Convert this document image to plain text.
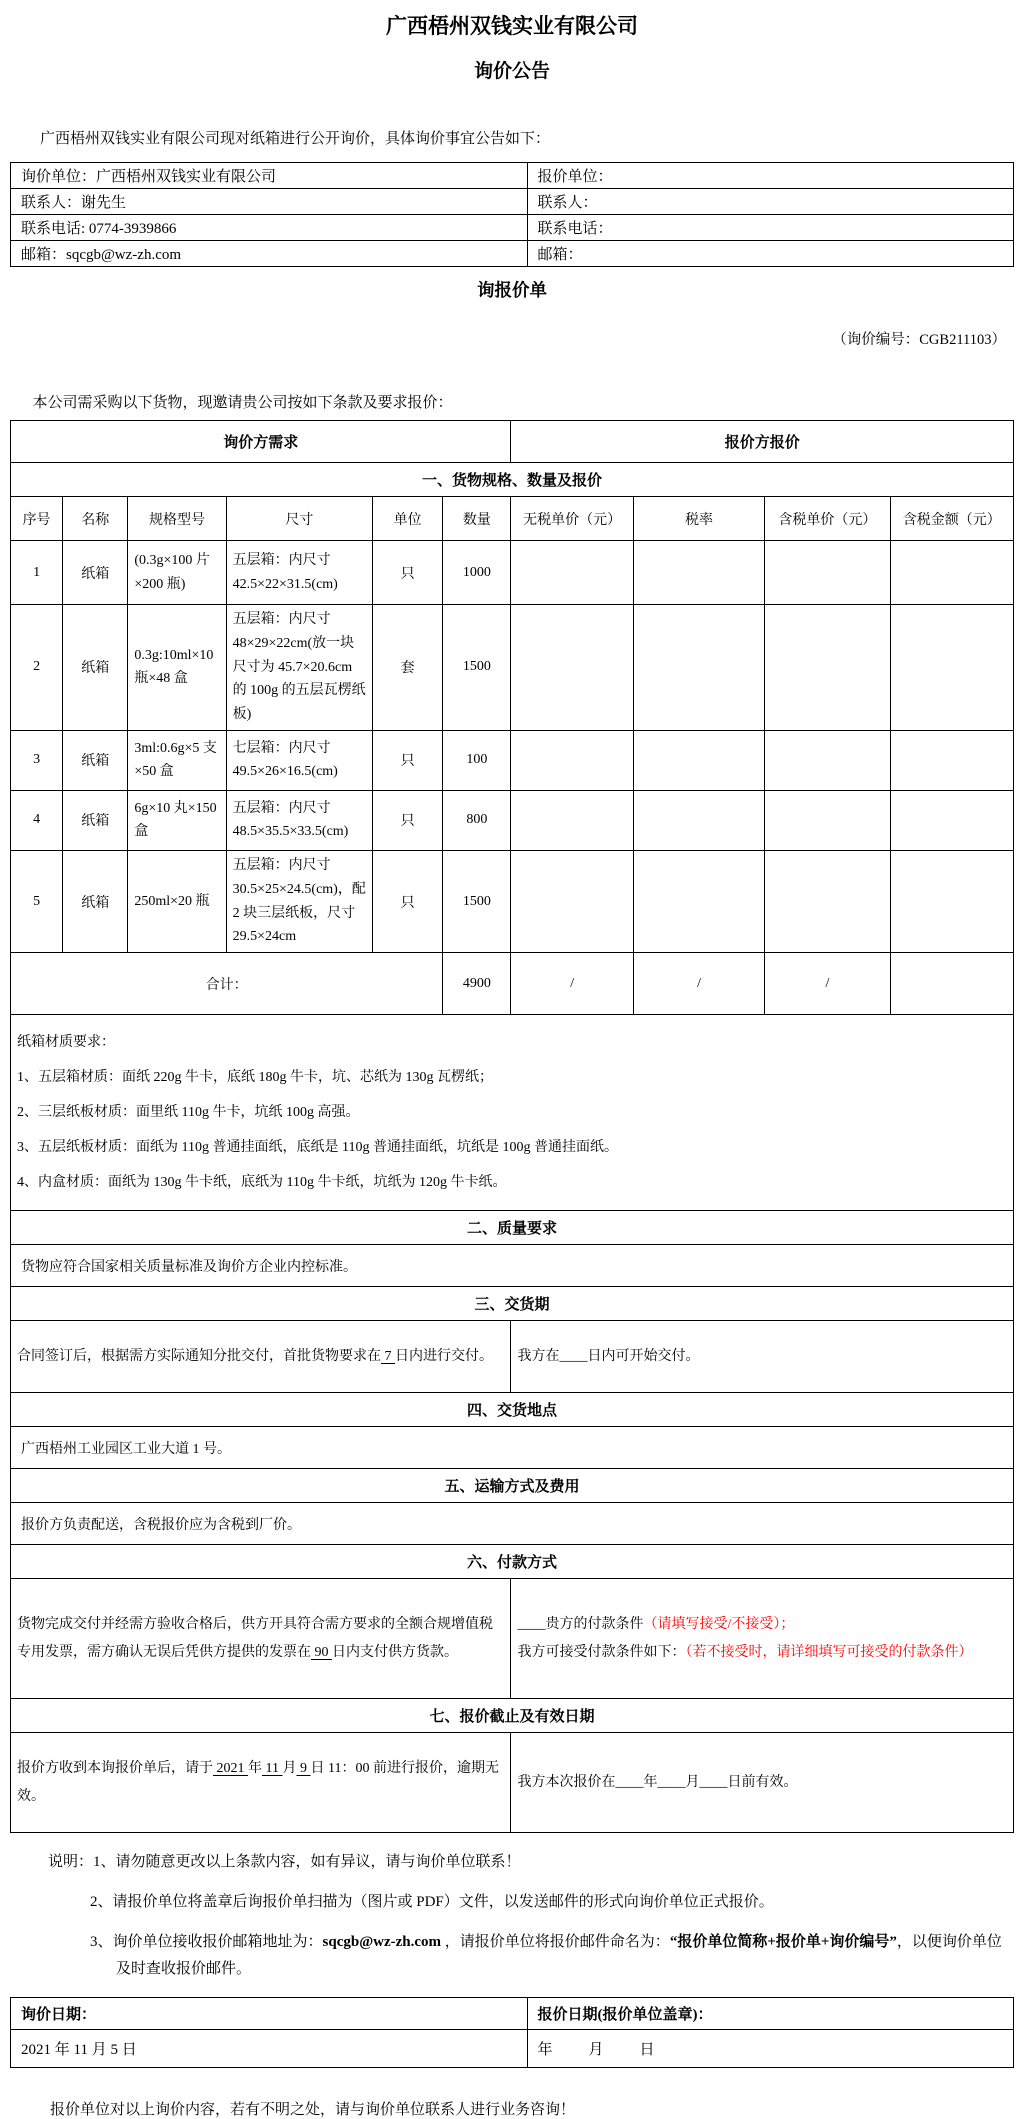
广西梧州双钱实业有限公司
询价公告

广西梧州双钱实业有限公司现对纸箱进行公开询价，具体询价事宜公告如下：

询价单位：广西梧州双钱实业有限公司	报价单位：
联系人：谢先生	联系人：
联系电话: 0774-3939866	联系电话：
邮箱：sqcgb@wz-zh.com	邮箱：
询报价单

（询价编号：CGB211103）

本公司需采购以下货物，现邀请贵公司按如下条款及要求报价：

询价方需求						报价方报价			
一、货物规格、数量及报价									
序号	名称	规格型号	尺寸	单位	数量	无税单价（元）	税率	含税单价（元）	含税金额（元）
1	纸箱	(0.3g×100 片×200 瓶)	五层箱：内尺寸 42.5×22×31.5(cm)	只	1000				
2	纸箱	0.3g:10ml×10 瓶×48 盒	五层箱：内尺寸 48×29×22cm(放一块尺寸为 45.7×20.6cm 的 100g 的五层瓦楞纸板)	套	1500				
3	纸箱	3ml:0.6g×5 支×50 盒	七层箱：内尺寸 49.5×26×16.5(cm)	只	100				
4	纸箱	6g×10 丸×150 盒	五层箱：内尺寸 48.5×35.5×33.5(cm)	只	800				
5	纸箱	250ml×20 瓶	五层箱：内尺寸 30.5×25×24.5(cm)，配 2 块三层纸板，尺寸 29.5×24cm	只	1500				
合计：					4900	/	/	/	

纸箱材质要求：

1、五层箱材质：面纸 220g 牛卡，底纸 180g 牛卡，坑、芯纸为 130g 瓦楞纸；

2、三层纸板材质：面里纸 110g 牛卡，坑纸 100g 高强。

3、五层纸板材质：面纸为 110g 普通挂面纸，底纸是 110g 普通挂面纸，坑纸是 100g 普通挂面纸。

4、内盒材质：面纸为 130g 牛卡纸，底纸为 110g 牛卡纸，坑纸为 120g 牛卡纸。									

二、质量要求									
货物应符合国家相关质量标准及询价方企业内控标准。									
三、交货期									
合同签订后，根据需方实际通知分批交付，首批货物要求在 7 日内进行交付。						我方在____日内可开始交付。			
四、交货地点									
广西梧州工业园区工业大道 1 号。									
五、运输方式及费用									
报价方负责配送，含税报价应为含税到厂价。									
六、付款方式									
货物完成交付并经需方验收合格后，供方开具符合需方要求的全额合规增值税专用发票，需方确认无误后凭供方提供的发票在 90 日内支付供方货款。						____贵方的付款条件（请填写接受/不接受）；

我方可接受付款条件如下：（若不接受时，请详细填写可接受的付款条件）			

七、报价截止及有效日期									
报价方收到本询报价单后，请于 2021 年 11 月 9 日 11：00 前进行报价，逾期无效。						我方本次报价在____年____月____日前有效。			

说明：1、请勿随意更改以上条款内容，如有异议，请与询价单位联系！

2、请报价单位将盖章后询报价单扫描为（图片或 PDF）文件，以发送邮件的形式向询价单位正式报价。

3、询价单位接收报价邮箱地址为：sqcgb@wz-zh.com ，请报价单位将报价邮件命名为：“报价单位简称+报价单+询价编号”，以便询价单位及时查收报价邮件。

询价日期：	报价日期(报价单位盖章)：
2021 年 11 月 5 日	年　　月　　日

报价单位对以上询价内容，若有不明之处，请与询价单位联系人进行业务咨询！
